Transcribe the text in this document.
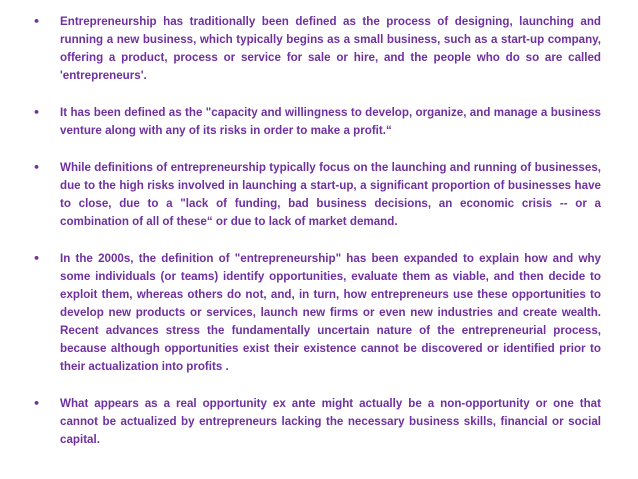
• Entrepreneurship has traditionally been defined as the process of designing, launching and running a new business, which typically begins as a small business, such as a start-up company, offering a product, process or service for sale or hire, and the people who do so are called 'entrepreneurs'.
• It has been defined as the "capacity and willingness to develop, organize, and manage a business venture along with any of its risks in order to make a profit.“
• While definitions of entrepreneurship typically focus on the launching and running of businesses, due to the high risks involved in launching a start-up, a significant proportion of businesses have to close, due to a "lack of funding, bad business decisions, an economic crisis -- or a combination of all of these“ or due to lack of market demand.
• In the 2000s, the definition of "entrepreneurship" has been expanded to explain how and why some individuals (or teams) identify opportunities, evaluate them as viable, and then decide to exploit them, whereas others do not, and, in turn, how entrepreneurs use these opportunities to develop new products or services, launch new firms or even new industries and create wealth. Recent advances stress the fundamentally uncertain nature of the entrepreneurial process, because although opportunities exist their existence cannot be discovered or identified prior to their actualization into profits .
• What appears as a real opportunity ex ante might actually be a non-opportunity or one that cannot be actualized by entrepreneurs lacking the necessary business skills, financial or social capital.
